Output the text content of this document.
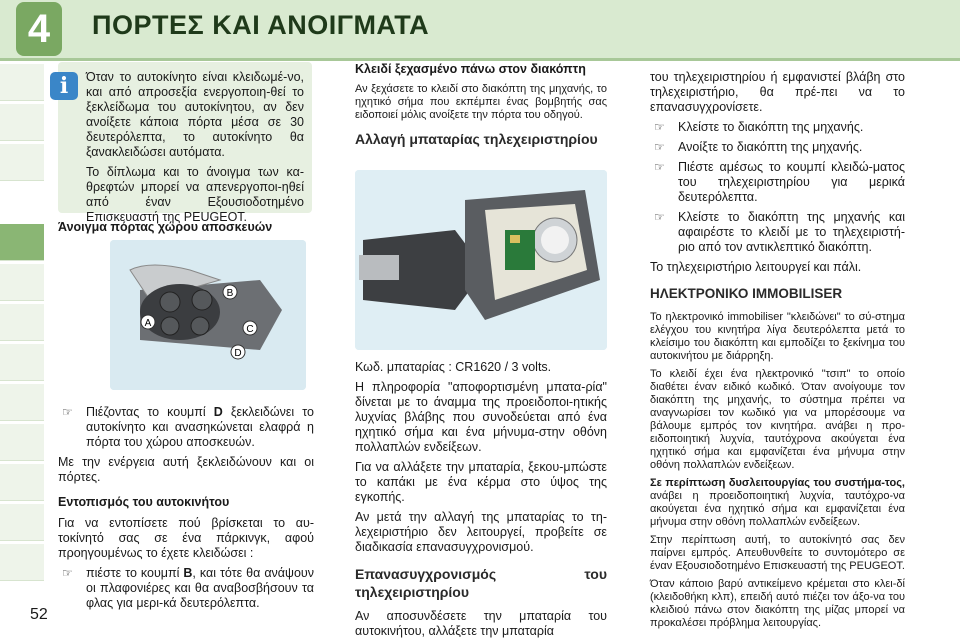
4	ΠΟΡΤΕΣ ΚΑΙ ΑΝΟΙΓΜΑΤΑ
52

Όταν το αυτοκίνητο είναι κλειδωμέ-νο, και από απροσεξία ενεργοποιη-θεί το ξεκλείδωμα του αυτοκίνητου, αν δεν ανοίξετε κάποια πόρτα μέσα σε 30 δευτερόλεπτα, το αυτοκίνητο θα ξανακλειδώσει αυτόματα.

Το δίπλωμα και το άνοιγμα των κα-θρεφτών μπορεί να απενεργοποι-ηθεί από έναν Εξουσιοδοτημένο Επισκευαστή της PEUGEOT.

i
Άνοιγμα πόρτας χώρου αποσκευών
A
B
C
D
☞ Πιέζοντας το κουμπί D ξεκλειδώνει το αυτοκίνητο και ανασηκώνεται ελαφρά η πόρτα του χώρου αποσκευών.

Με την ενέργεια αυτή ξεκλειδώνουν και οι πόρτες.

Εντοπισμός του αυτοκινήτου

Για να εντοπίσετε πού βρίσκεται το αυ-τοκίνητό σας σε ένα πάρκινγκ, αφού προηγουμένως το έχετε κλειδώσει :

☞ πιέστε το κουμπί B, και τότε θα ανάψουν οι πλαφονιέρες και θα αναβοσβήσουν τα φλας για μερι-κά δευτερόλεπτα.
Κλειδί ξεχασμένο πάνω στον διακόπτη

Αν ξεχάσετε το κλειδί στο διακόπτη της μηχανής, το ηχητικό σήμα που εκπέμπει ένας βομβητής σας ειδοποιεί μόλις ανοίξετε την πόρτα του οδηγού.

Αλλαγή μπαταρίας τηλεχειριστηρίου

Κωδ. μπαταρίας : CR1620 / 3 volts.

Η πληροφορία "αποφορτισμένη μπατα-ρία" δίνεται με το άναμμα της προειδοποι-ητικής λυχνίας βλάβης που συνοδεύεται από ένα ηχητικό σήμα και ένα μήνυμα-στην οθόνη πολλαπλών ενδείξεων.

Για να αλλάξετε την μπαταρία, ξεκου-μπώστε το καπάκι με ένα κέρμα στο ύψος της εγκοπής.

Αν μετά την αλλαγή της μπαταρίας το τη-λεχειριστήριο δεν λειτουργεί, προβείτε σε διαδικασία επανασυγχρονισμού.

Επανασυγχρονισμός του τηλεχειριστηρίου

Αν αποσυνδέσετε την μπαταρία του αυτοκινήτου, αλλάξετε την μπαταρία

του τηλεχειριστηρίου ή εμφανιστεί βλάβη στο τηλεχειριστήριο, θα πρέ-πει να το επανασυγχρονίσετε.

☞ Κλείστε το διακόπτη της μηχανής.
☞ Ανοίξτε το διακόπτη της μηχανής.
☞ Πιέστε αμέσως το κουμπί κλειδώ-ματος του τηλεχειριστηρίου για μερικά δευτερόλεπτα.
☞ Κλείστε το διακόπτη της μηχανής και αφαιρέστε το κλειδί με το τηλεχειριστή-ριο από τον αντικλεπτικό διακόπτη.

Το τηλεχειριστήριο λειτουργεί και πάλι.

ΗΛΕΚΤΡΟΝΙΚΟ IMMOBILISER

Το ηλεκτρονικό immobiliser "κλειδώνει" το σύ-στημα ελέγχου του κινητήρα λίγα δευτερόλεπτα μετά το κλείσιμο του διακόπτη και εμποδίζει το ξεκίνημα του αυτοκινήτου με διάρρηξη.

Το κλειδί έχει ένα ηλεκτρονικό "τσιπ" το οποίο διαθέτει έναν ειδικό κωδικό. Όταν ανοίγουμε τον διακόπτη της μηχανής, το σύστημα πρέπει να αναγνωρίσει τον κωδικό για να μπορέσουμε να βάλουμε εμπρός τον κινητήρα. ανάβει η προ-ειδοποιητική λυχνία, ταυτόχρονα ακούγεται ένα ηχητικό σήμα και εμφανίζεται ένα μήνυμα στην οθόνη πολλαπλών ενδείξεων.

Σε περίπτωση δυσλειτουργίας του συστήμα-τος, ανάβει η προειδοποιητική λυχνία, ταυτόχρο-να ακούγεται ένα ηχητικό σήμα και εμφανίζεται ένα μήνυμα στην οθόνη πολλαπλών ενδείξεων.

Στην περίπτωση αυτή, το αυτοκίνητό σας δεν παίρνει εμπρός. Απευθυνθείτε το συντομότερο σε έναν Εξουσιοδοτημένο Επισκευαστή της PEUGEOT.

Όταν κάποιο βαρύ αντικείμενο κρέμεται στο κλει-δί (κλειδοθήκη κλπ), επειδή αυτό πιέζει τον άξο-να του κλειδιού πάνω στον διακόπτη της μίζας μπορεί να προκαλέσει πρόβλημα λειτουργίας.
